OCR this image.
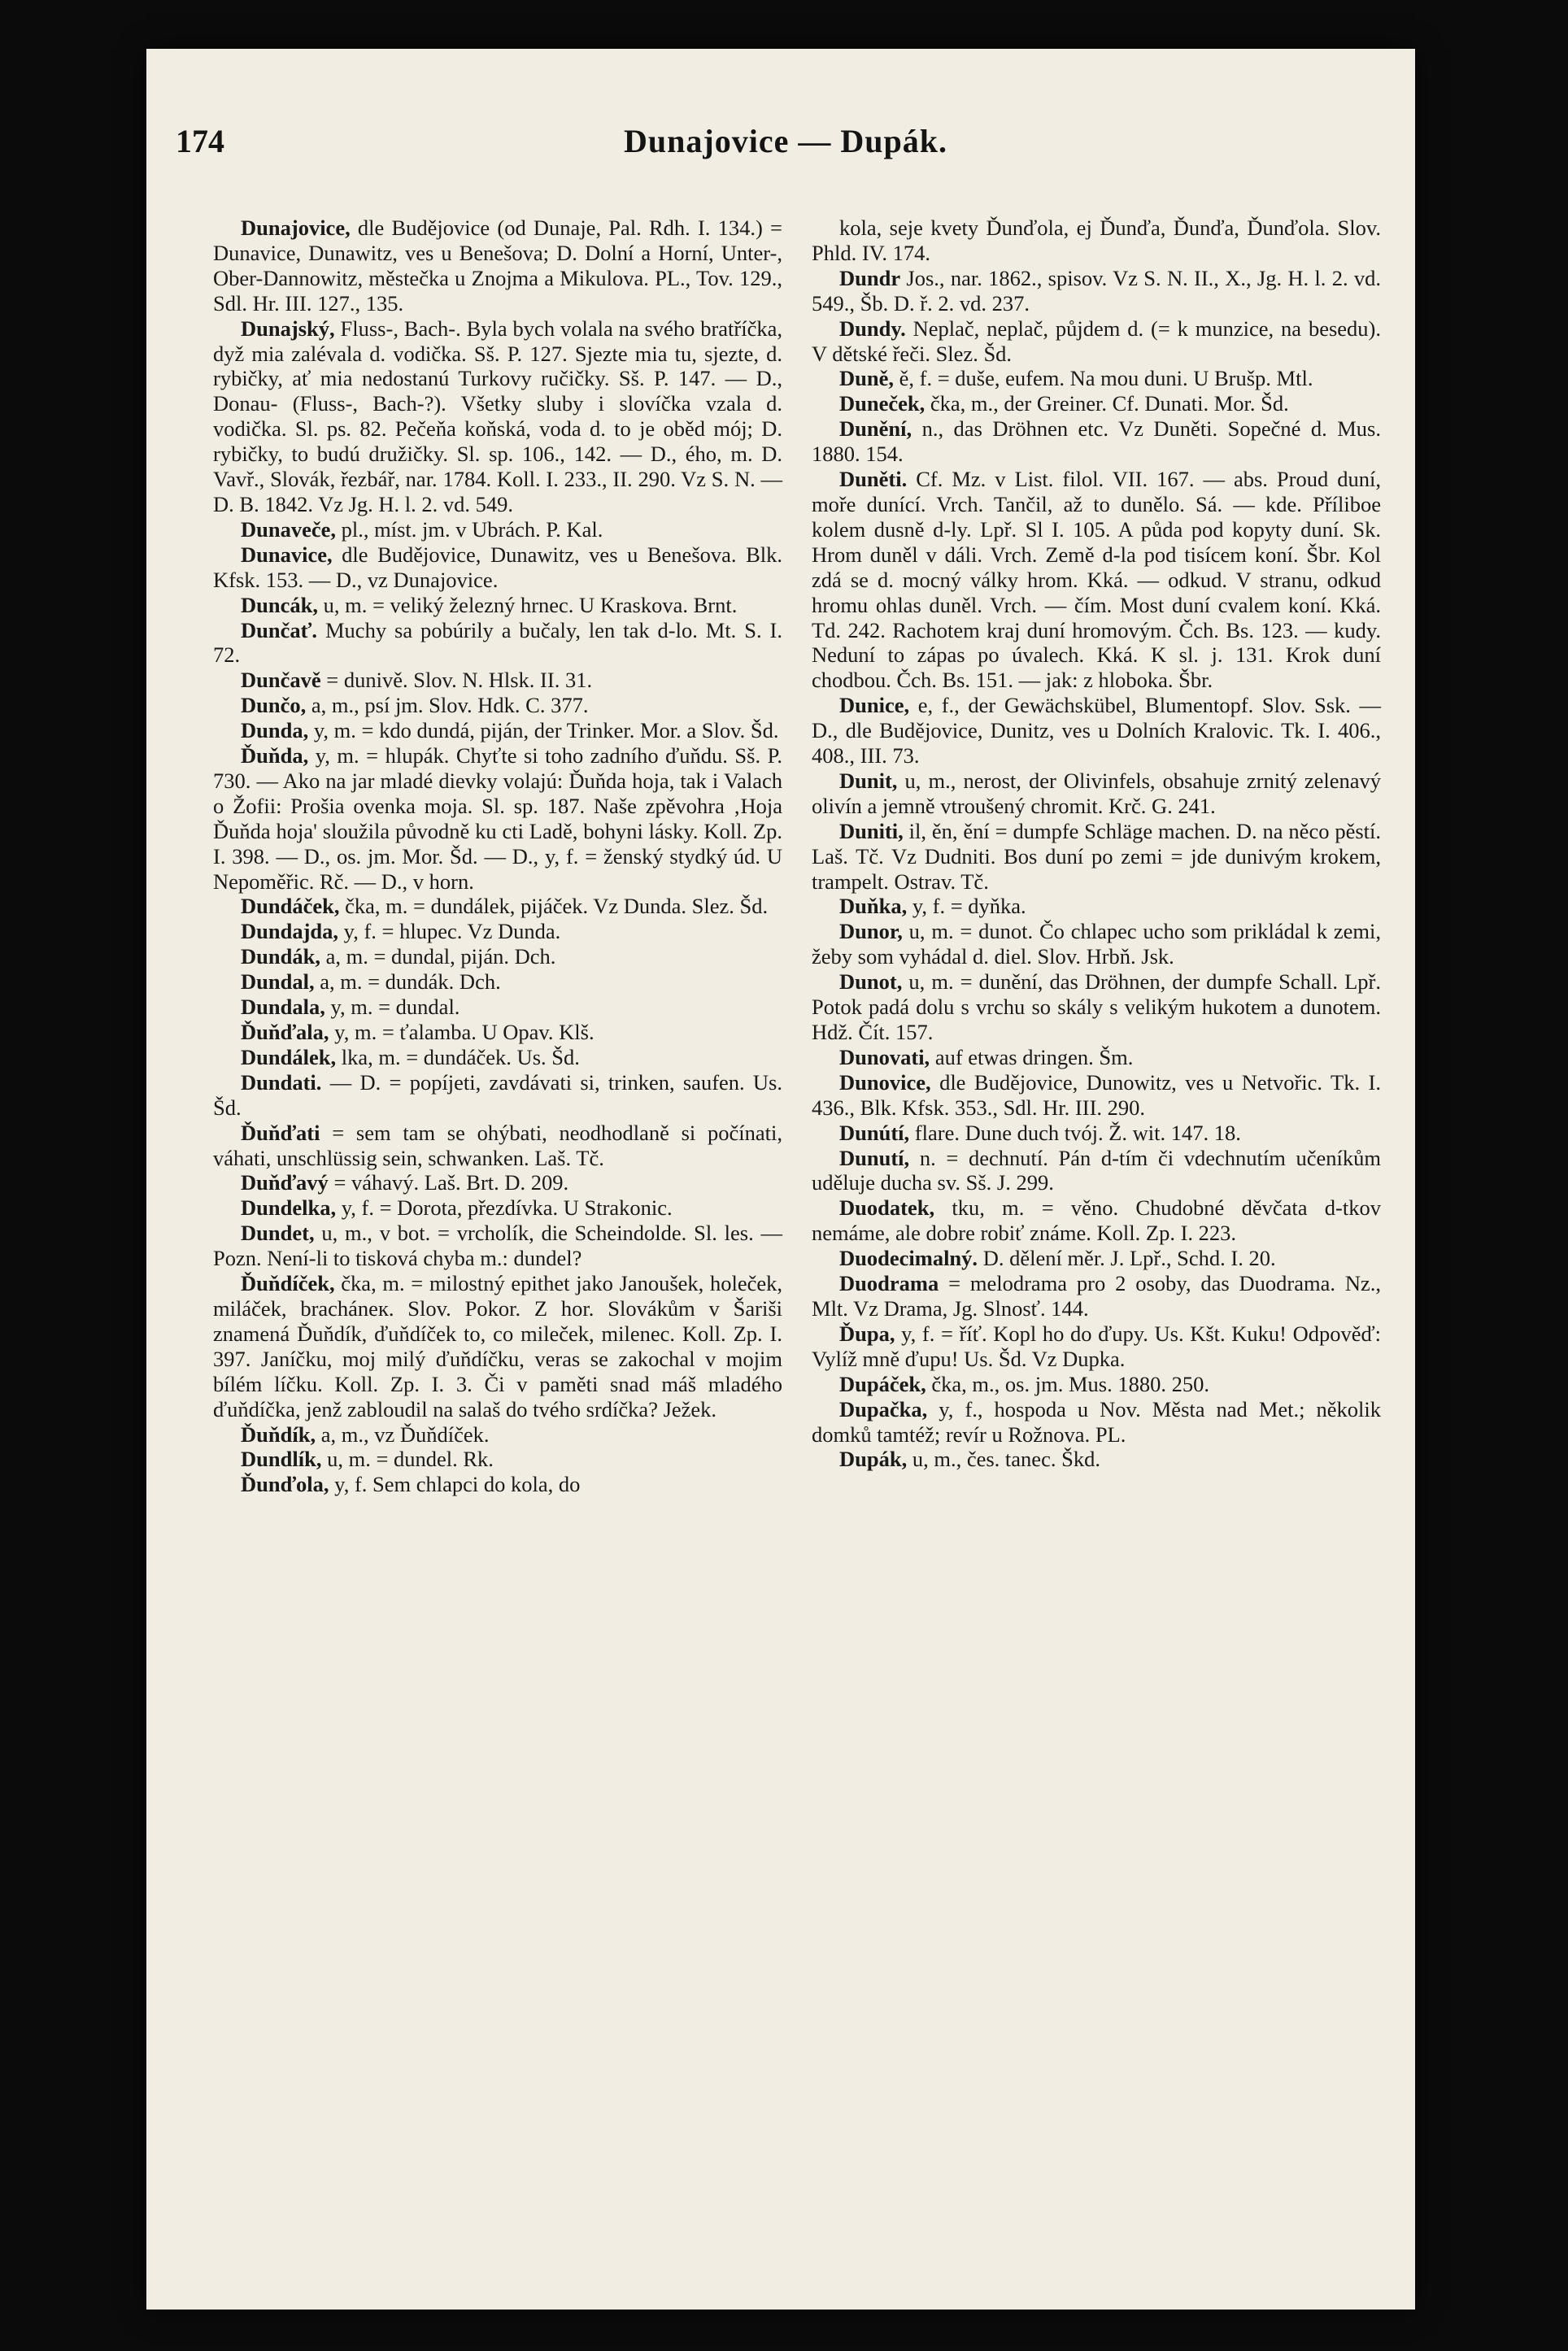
174	Dunajovice — Dupák.

Dunajovice, dle Budějovice (od Dunaje, Pal. Rdh. I. 134.) = Dunavice, Dunawitz, ves u Benešova; D. Dolní a Horní, Unter-, Ober-Dannowitz, městečka u Znojma a Mikulova. PL., Tov. 129., Sdl. Hr. III. 127., 135.

Dunajský, Fluss-, Bach-. Byla bych volala na svého bratříčka, dyž mia zalévala d. vodička. Sš. P. 127. Sjezte mia tu, sjezte, d. rybičky, ať mia nedostanú Turkovy ručičky. Sš. P. 147. — D., Donau- (Fluss-, Bach-?). Všetky sluby i slovíčka vzala d. vodička. Sl. ps. 82. Pečeňa koňská, voda d. to je oběd mój; D. rybičky, to budú družičky. Sl. sp. 106., 142. — D., ého, m. D. Vavř., Slovák, řezbář, nar. 1784. Koll. I. 233., II. 290. Vz S. N. — D. B. 1842. Vz Jg. H. l. 2. vd. 549.

Dunaveče, pl., míst. jm. v Ubrách. P. Kal.

Dunavice, dle Budějovice, Dunawitz, ves u Benešova. Blk. Kfsk. 153. — D., vz Dunajovice.

Duncák, u, m. = veliký železný hrnec. U Kraskova. Brnt.

Dunčať. Muchy sa pobúrily a bučaly, len tak d-lo. Mt. S. I. 72.

Dunčavě = dunivě. Slov. N. Hlsk. II. 31.

Dunčo, a, m., psí jm. Slov. Hdk. C. 377.

Dunda, y, m. = kdo dundá, piján, der Trinker. Mor. a Slov. Šd.

Ďuňda, y, m. = hlupák. Chyťte si toho zadního ďuňdu. Sš. P. 730. — Ako na jar mladé dievky volajú: Ďuňda hoja, tak i Valach o Žofii: Prošia ovenka moja. Sl. sp. 187. Naše zpěvohra ‚Hoja Ďuňda hoja' sloužila původně ku cti Ladě, bohyni lásky. Koll. Zp. I. 398. — D., os. jm. Mor. Šd. — D., y, f. = ženský stydký úd. U Nepoměřic. Rč. — D., v horn.

Dundáček, čka, m. = dundálek, pijáček. Vz Dunda. Slez. Šd.

Dundajda, y, f. = hlupec. Vz Dunda.

Dundák, a, m. = dundal, piján. Dch.

Dundal, a, m. = dundák. Dch.

Dundala, y, m. = dundal.

Ďuňďala, y, m. = ťalamba. U Opav. Klš.

Dundálek, lka, m. = dundáček. Us. Šd.

Dundati. — D. = popíjeti, zavdávati si, trinken, saufen. Us. Šd.

Ďuňďati = sem tam se ohýbati, neodhodlaně si počínati, váhati, unschlüssig sein, schwanken. Laš. Tč.

Duňďavý = váhavý. Laš. Brt. D. 209.

Dundelka, y, f. = Dorota, přezdívka. U Strakonic.

Dundet, u, m., v bot. = vrcholík, die Scheindolde. Sl. les. — Pozn. Není-li to tisková chyba m.: dundel?

Ďuňdíček, čka, m. = milostný epithet jako Janoušek, holeček, miláček, bracháneк. Slov. Pokor. Z hor. Slovákům v Šariši znamená Ďuňdík, ďuňdíček to, co mileček, milenec. Koll. Zp. I. 397. Janíčku, moj milý ďuňdíčku, veras se zakochal v mojim bílém líčku. Koll. Zp. I. 3. Či v paměti snad máš mladého ďuňdíčka, jenž zabloudil na salaš do tvého srdíčka? Ježek.

Ďuňdík, a, m., vz Ďuňdíček.

Dundlík, u, m. = dundel. Rk.

Ďunďola, y, f. Sem chlapci do kola, do

kola, seje kvety Ďunďola, ej Ďunďa, Ďunďa, Ďunďola. Slov. Phld. IV. 174.

Dundr Jos., nar. 1862., spisov. Vz S. N. II., X., Jg. H. l. 2. vd. 549., Šb. D. ř. 2. vd. 237.

Dundy. Neplač, neplač, půjdem d. (= k munzice, na besedu). V dětské řeči. Slez. Šd.

Duně, ě, f. = duše, eufem. Na mou duni. U Brušp. Mtl.

Duneček, čka, m., der Greiner. Cf. Dunati. Mor. Šd.

Dunění, n., das Dröhnen etc. Vz Duněti. Sopečné d. Mus. 1880. 154.

Duněti. Cf. Mz. v List. filol. VII. 167. — abs. Proud duní, moře dunící. Vrch. Tančil, až to dunělo. Sá. — kde. Příliboe kolem dusně d-ly. Lpř. Sl I. 105. A půda pod kopyty duní. Sk. Hrom duněl v dáli. Vrch. Země d-la pod tisícem koní. Šbr. Kol zdá se d. mocný války hrom. Kká. — odkud. V stranu, odkud hromu ohlas duněl. Vrch. — čím. Most duní cvalem koní. Kká. Td. 242. Rachotem kraj duní hromovým. Čch. Bs. 123. — kudy. Neduní to zápas po úvalech. Kká. K sl. j. 131. Krok duní chodbou. Čch. Bs. 151. — jak: z hloboka. Šbr.

Dunice, e, f., der Gewächskübel, Blumentopf. Slov. Ssk. — D., dle Budějovice, Dunitz, ves u Dolních Kralovic. Tk. I. 406., 408., III. 73.

Dunit, u, m., nerost, der Olivinfels, obsahuje zrnitý zelenavý olivín a jemně vtroušený chromit. Krč. G. 241.

Duniti, il, ěn, ění = dumpfe Schläge machen. D. na něco pěstí. Laš. Tč. Vz Dudniti. Bos duní po zemi = jde dunivým krokem, trampelt. Ostrav. Tč.

Duňka, y, f. = dyňka.

Dunor, u, m. = dunot. Čo chlapec ucho som prikládal k zemi, žeby som vyhádal d. diel. Slov. Hrbň. Jsk.

Dunot, u, m. = dunění, das Dröhnen, der dumpfe Schall. Lpř. Potok padá dolu s vrchu so skály s velikým hukotem a dunotem. Hdž. Čít. 157.

Dunovati, auf etwas dringen. Šm.

Dunovice, dle Budějovice, Dunowitz, ves u Netvořic. Tk. I. 436., Blk. Kfsk. 353., Sdl. Hr. III. 290.

Dunútí, flare. Dune duch tvój. Ž. wit. 147. 18.

Dunutí, n. = dechnutí. Pán d-tím či vdechnutím učeníkům uděluje ducha sv. Sš. J. 299.

Duodatek, tku, m. = věno. Chudobné děvčata d-tkov nemáme, ale dobre robiť známe. Koll. Zp. I. 223.

Duodecimalný. D. dělení měr. J. Lpř., Schd. I. 20.

Duodrama = melodrama pro 2 osoby, das Duodrama. Nz., Mlt. Vz Drama, Jg. Slnosť. 144.

Ďupa, y, f. = říť. Kopl ho do ďupy. Us. Kšt. Kuku! Odpověď: Vylíž mně ďupu! Us. Šd. Vz Dupka.

Dupáček, čka, m., os. jm. Mus. 1880. 250.

Dupačka, y, f., hospoda u Nov. Města nad Met.; několik domků tamtéž; revír u Rožnova. PL.

Dupák, u, m., čes. tanec. Škd.
